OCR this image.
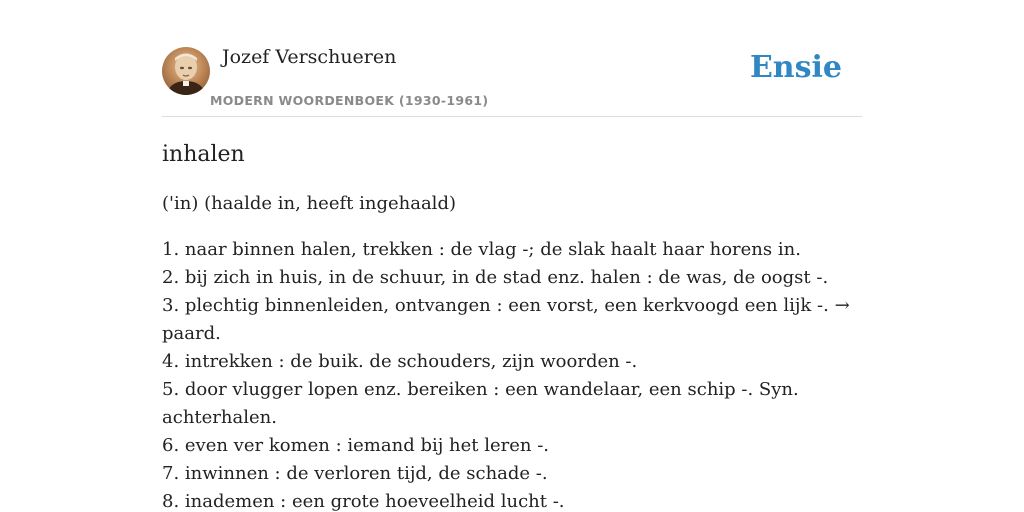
Jozef Verschueren
MODERN WOORDENBOEK (1930-1961)
Ensie
inhalen

('in) (haalde in, heeft ingehaald)

1. naar binnen halen, trekken : de vlag -; de slak haalt haar horens in.
2. bij zich in huis, in de schuur, in de stad enz. halen : de was, de oogst -.
3. plechtig binnenleiden, ontvangen : een vorst, een kerkvoogd een lijk -. → paard.
4. intrekken : de buik. de schouders, zijn woorden -.
5. door vlugger lopen enz. bereiken : een wandelaar, een schip -. Syn. achterhalen.
6. even ver komen : iemand bij het leren -.
7. inwinnen : de verloren tijd, de schade -.
8. inademen : een grote hoeveelheid lucht -.
